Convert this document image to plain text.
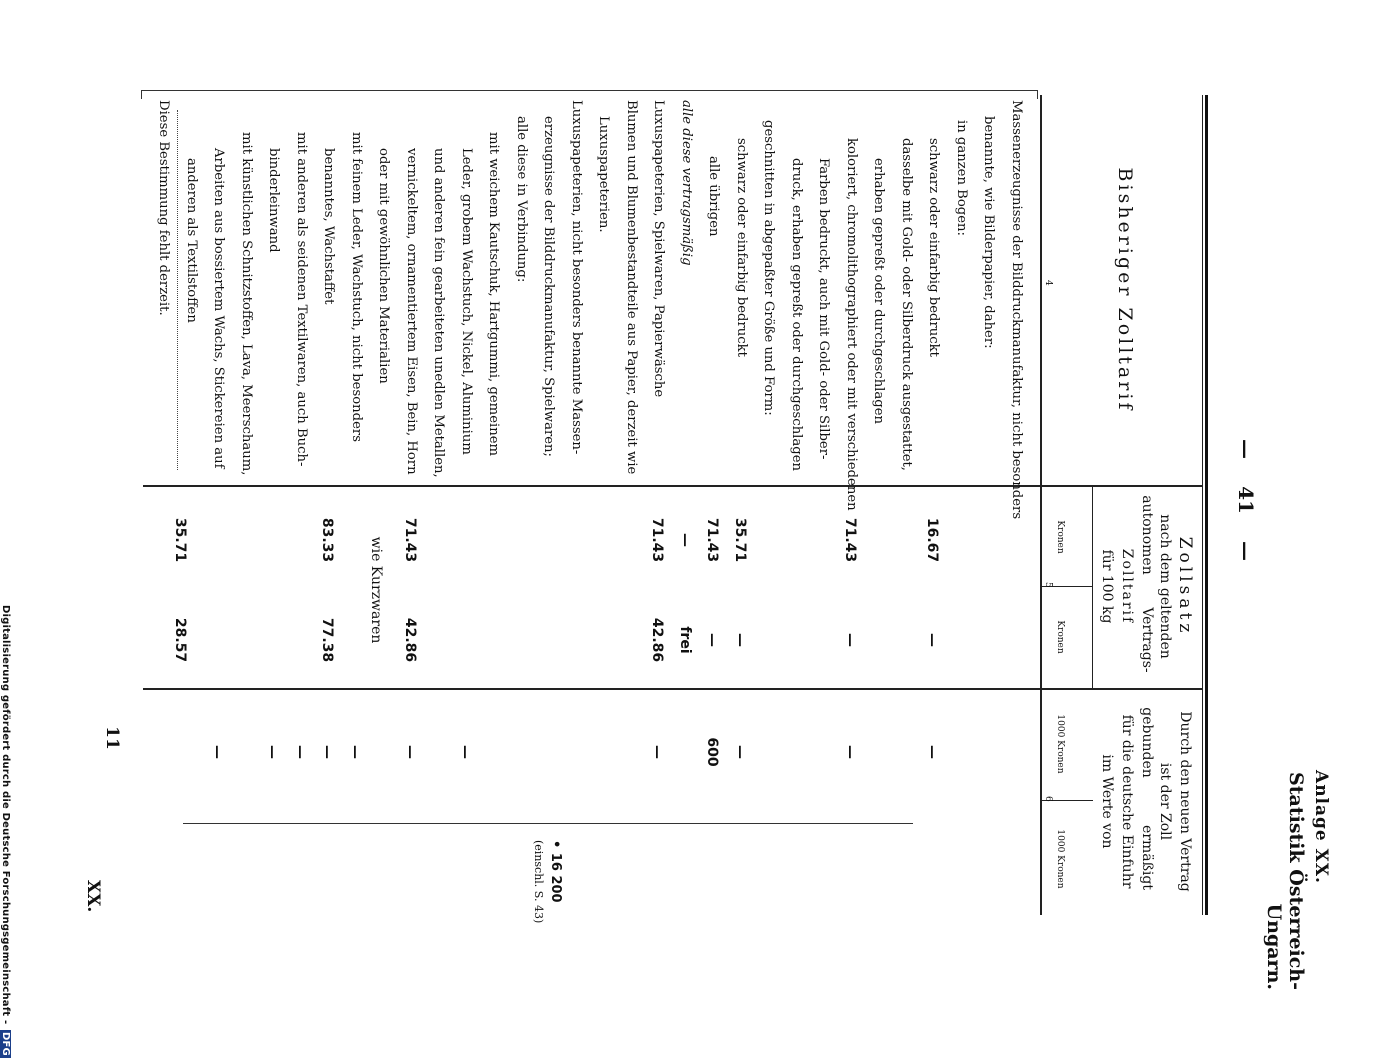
Anlage XX.
Statistik Österreich-Ungarn.
— 41 —
Bisheriger Zolltarif
4
Zollsatz
nach dem geltenden
autonomen
Vertrags-
Zolltarif
für 100 kg
Kronen
Kronen
5
Durch den neuen Vertrag
ist der Zoll
gebunden
ermäßigt
für die deutsche Einfuhr
im Werte von
1000 Kronen
1000 Kronen
6
Massenerzeugnisse der Bilddruckmanufaktur, nicht besonders
benannte, wie Bilderpapier, daher:
in ganzen Bogen:
schwarz oder einfarbig bedruckt
16.67
—
—
dasselbe mit Gold- oder Silberdruck ausgestattet,
erhaben gepreßt oder durchgeschlagen
koloriert, chromolithographiert oder mit verschiedenen
71.43
—
—
Farben bedruckt, auch mit Gold- oder Silber-
druck, erhaben gepreßt oder durchgeschlagen
geschnitten in abgepaßter Größe und Form:
schwarz oder einfarbig bedruckt
35.71
—
—
alle übrigen
71.43
—
600
alle diese vertragsmäßig
—
frei
Luxuspapeterien, Spielwaren, Papierwäsche
71.43
42.86
—
Blumen und Blumenbestandteile aus Papier, derzeit wie
Luxuspapeterien.
Luxuspapeterien, nicht besonders benannte Massen-
erzeugnisse der Bilddruckmanufaktur, Spielwaren;
alle diese in Verbindung:
mit weichem Kautschuk, Hartgummi, gemeinem
Leder, grobem Wachstuch, Nickel, Aluminium
—
und anderen fein gearbeiteten unedlen Metallen,
vernickeltem, ornamentiertem Eisen, Bein, Horn
71.43
42.86
—
oder mit gewöhnlichen Materialien
mit feinem Leder, Wachstuch, nicht besonders
—
benanntes, Wachstaffet
83.33
77.38
—
mit anderen als seidenen Textilwaren, auch Buch-
—
binderleinwand
—
mit künstlichen Schnitzstoffen, Lava, Meerschaum,
Arbeiten aus bossiertem Wachs, Stickereien auf
—
anderen als Textilstoffen
Diese Bestimmung fehlt derzeit.
wie Kurzwaren
35.71
28.57
• 16 200
(einschl. S. 43)
XX.
11
Digitalisierung gefördert durch die Deutsche Forschungsgemeinschaft - DFG
